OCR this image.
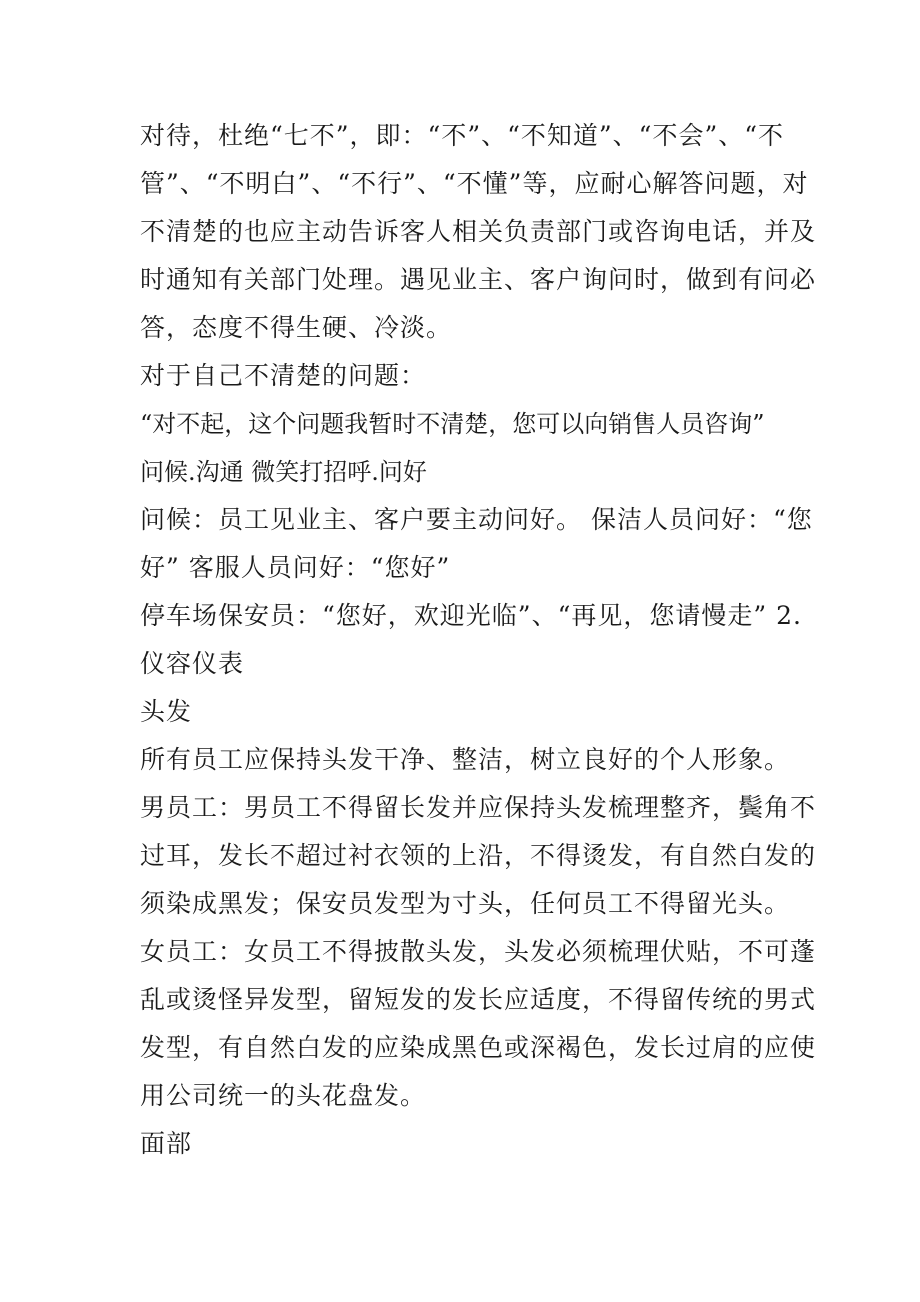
对待，杜绝“七不”，即：“不”、“不知道”、“不会”、“不
管”、“不明白”、“不行”、“不懂”等，应耐心解答问题，对
不清楚的也应主动告诉客人相关负责部门或咨询电话，并及
时通知有关部门处理。遇见业主、客户询问时，做到有问必
答，态度不得生硬、冷淡。
对于自己不清楚的问题：
“对不起，这个问题我暂时不清楚，您可以向销售人员咨询”
问候.沟通 微笑打招呼.问好
问候：员工见业主、客户要主动问好。 保洁人员问好：“您
好” 客服人员问好：“您好”
停车场保安员：“您好，欢迎光临”、“再见，您请慢走” 2.
仪容仪表
头发
所有员工应保持头发干净、整洁，树立良好的个人形象。
男员工：男员工不得留长发并应保持头发梳理整齐，鬓角不
过耳，发长不超过衬衣领的上沿，不得烫发，有自然白发的
须染成黑发；保安员发型为寸头，任何员工不得留光头。
女员工：女员工不得披散头发，头发必须梳理伏贴，不可蓬
乱或烫怪异发型，留短发的发长应适度，不得留传统的男式
发型，有自然白发的应染成黑色或深褐色，发长过肩的应使
用公司统一的头花盘发。
面部
